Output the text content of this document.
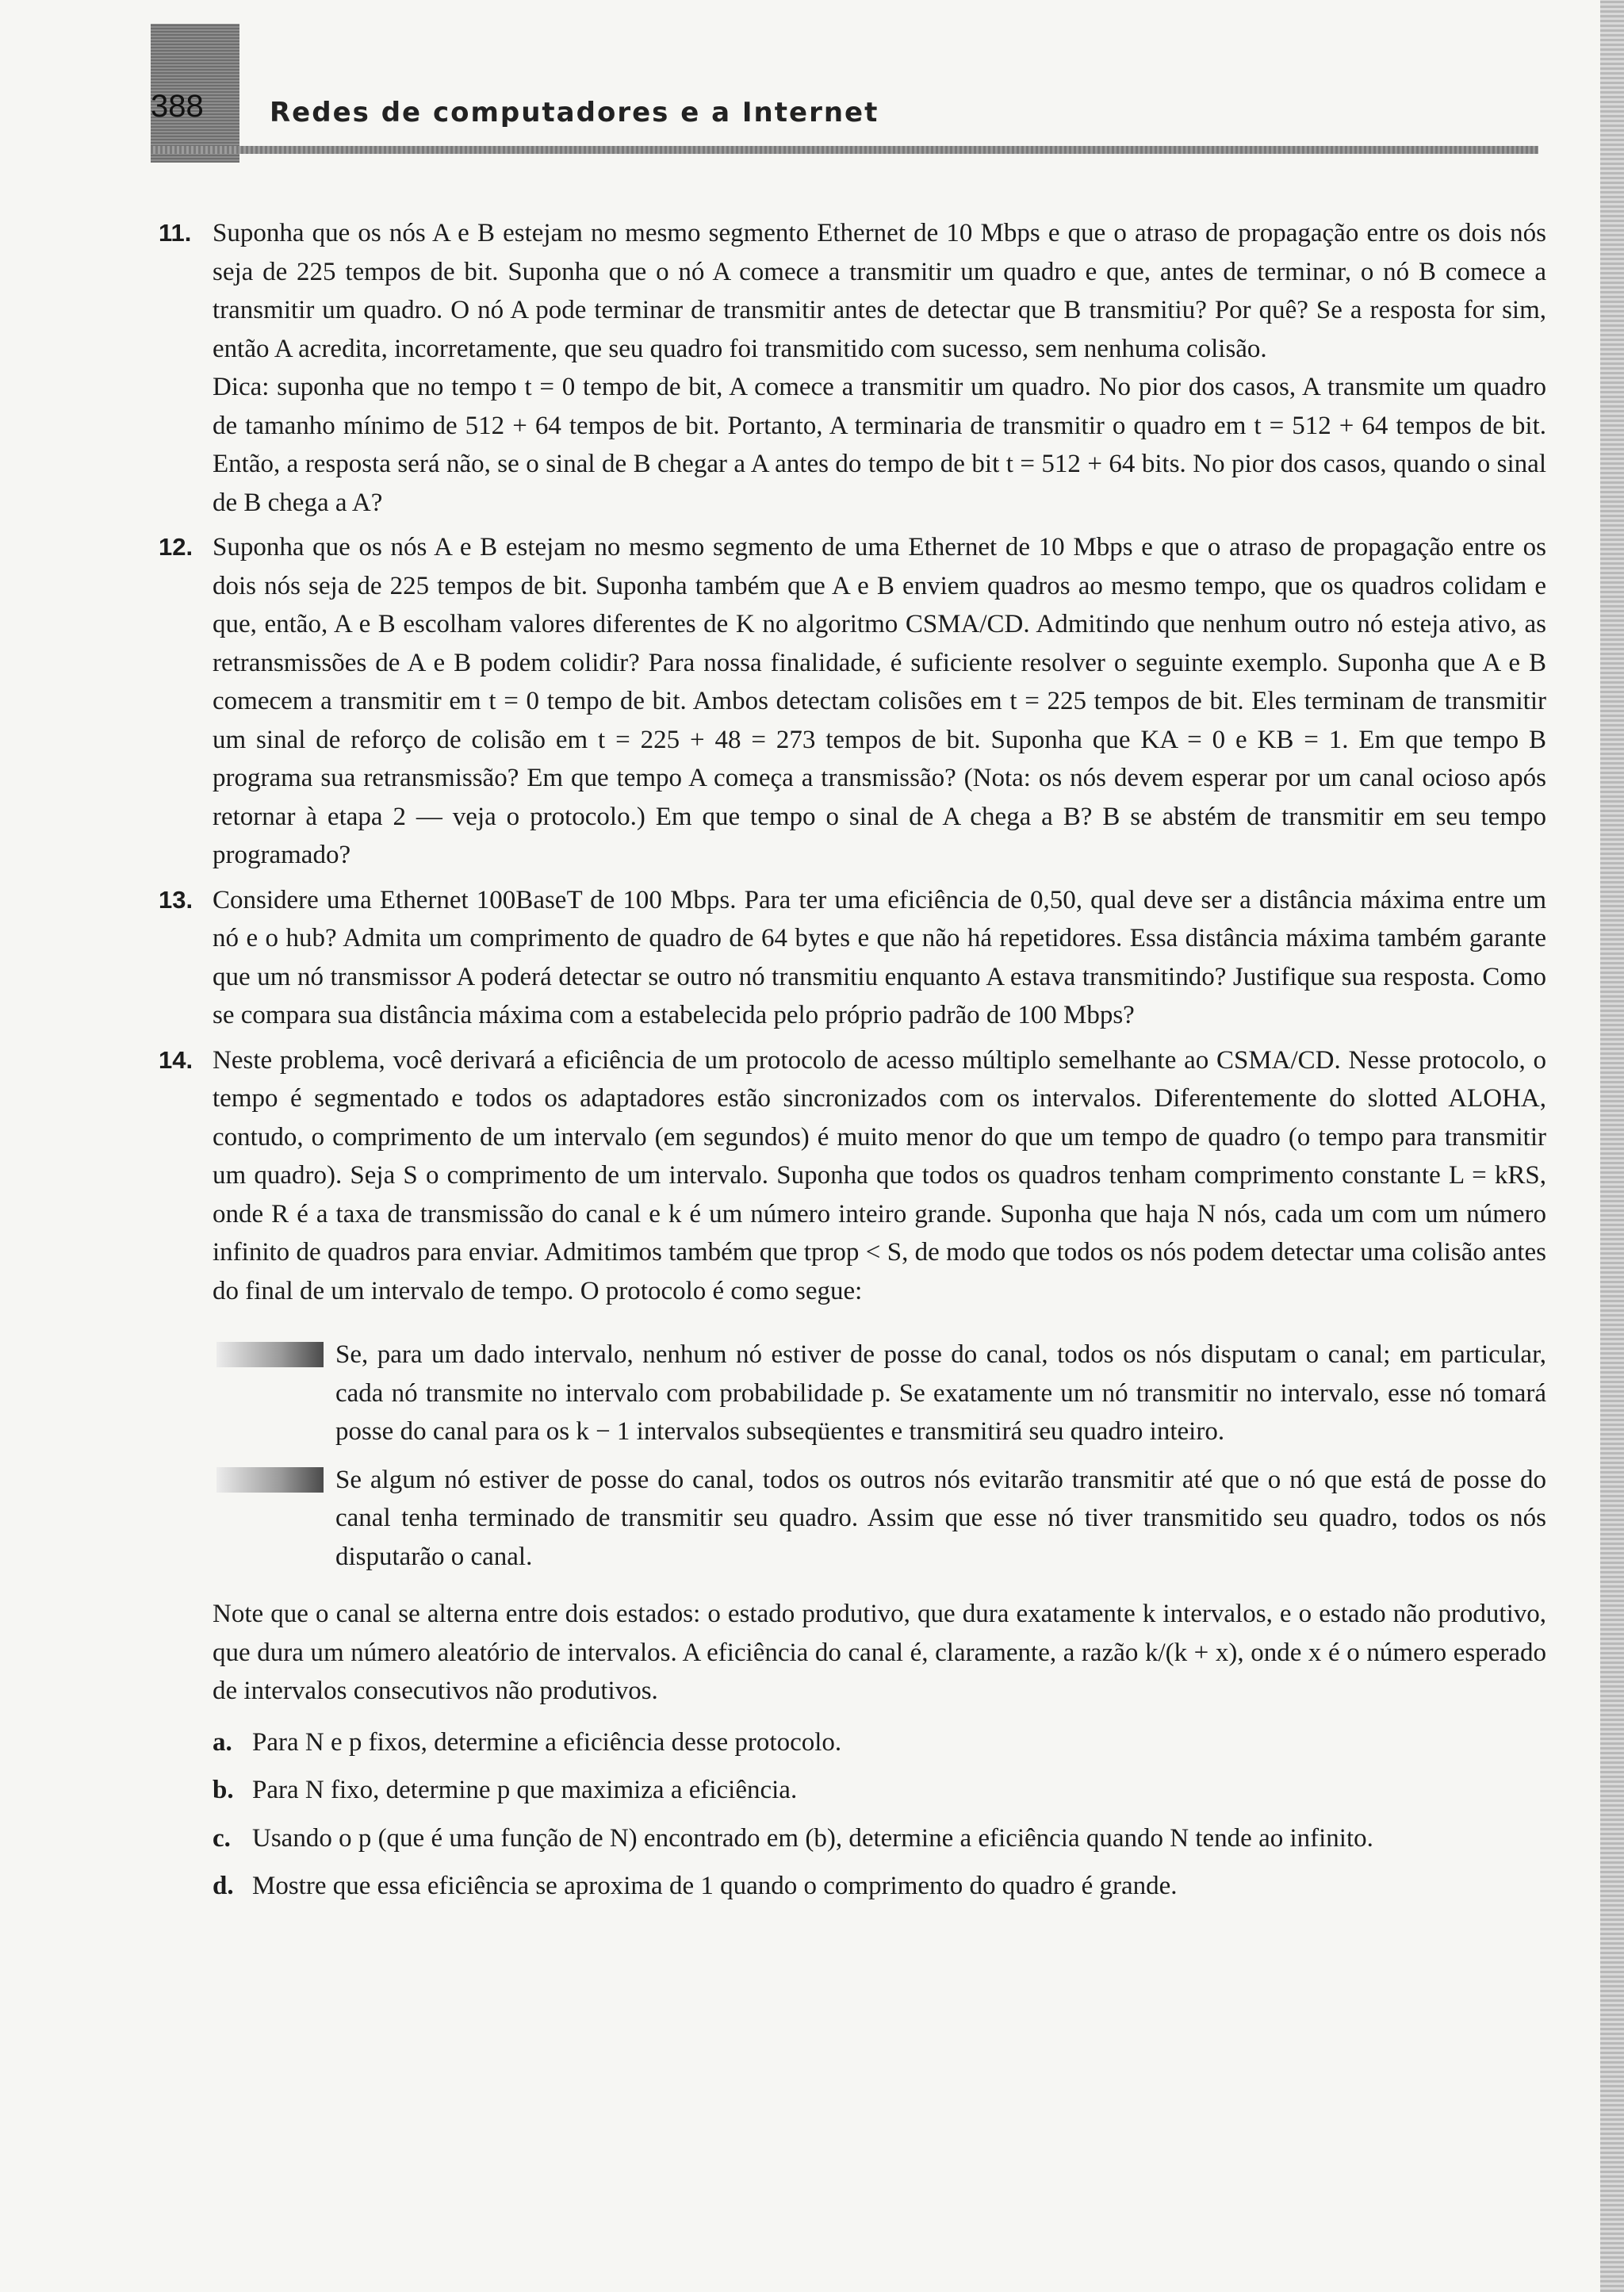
388 Redes de computadores e a Internet
11. Suponha que os nós A e B estejam no mesmo segmento Ethernet de 10 Mbps e que o atraso de propagação entre os dois nós seja de 225 tempos de bit. Suponha que o nó A comece a transmitir um quadro e que, antes de terminar, o nó B comece a transmitir um quadro. O nó A pode terminar de transmitir antes de detectar que B transmitiu? Por quê? Se a resposta for sim, então A acredita, incorretamente, que seu quadro foi transmitido com sucesso, sem nenhuma colisão.

Dica: suponha que no tempo t = 0 tempo de bit, A comece a transmitir um quadro. No pior dos casos, A transmite um quadro de tamanho mínimo de 512 + 64 tempos de bit. Portanto, A terminaria de transmitir o quadro em t = 512 + 64 tempos de bit. Então, a resposta será não, se o sinal de B chegar a A antes do tempo de bit t = 512 + 64 bits. No pior dos casos, quando o sinal de B chega a A?

12. Suponha que os nós A e B estejam no mesmo segmento de uma Ethernet de 10 Mbps e que o atraso de propagação entre os dois nós seja de 225 tempos de bit. Suponha também que A e B enviem quadros ao mesmo tempo, que os quadros colidam e que, então, A e B escolham valores diferentes de K no algoritmo CSMA/CD. Admitindo que nenhum outro nó esteja ativo, as retransmissões de A e B podem colidir? Para nossa finalidade, é suficiente resolver o seguinte exemplo. Suponha que A e B comecem a transmitir em t = 0 tempo de bit. Ambos detectam colisões em t = 225 tempos de bit. Eles terminam de transmitir um sinal de reforço de colisão em t = 225 + 48 = 273 tempos de bit. Suponha que KA = 0 e KB = 1. Em que tempo B programa sua retransmissão? Em que tempo A começa a transmissão? (Nota: os nós devem esperar por um canal ocioso após retornar à etapa 2 — veja o protocolo.) Em que tempo o sinal de A chega a B? B se abstém de transmitir em seu tempo programado?

13. Considere uma Ethernet 100BaseT de 100 Mbps. Para ter uma eficiência de 0,50, qual deve ser a distância máxima entre um nó e o hub? Admita um comprimento de quadro de 64 bytes e que não há repetidores. Essa distância máxima também garante que um nó transmissor A poderá detectar se outro nó transmitiu enquanto A estava transmitindo? Justifique sua resposta. Como se compara sua distância máxima com a estabelecida pelo próprio padrão de 100 Mbps?

14. Neste problema, você derivará a eficiência de um protocolo de acesso múltiplo semelhante ao CSMA/CD. Nesse protocolo, o tempo é segmentado e todos os adaptadores estão sincronizados com os intervalos. Diferentemente do slotted ALOHA, contudo, o comprimento de um intervalo (em segundos) é muito menor do que um tempo de quadro (o tempo para transmitir um quadro). Seja S o comprimento de um intervalo. Suponha que todos os quadros tenham comprimento constante L = kRS, onde R é a taxa de transmissão do canal e k é um número inteiro grande. Suponha que haja N nós, cada um com um número infinito de quadros para enviar. Admitimos também que tprop < S, de modo que todos os nós podem detectar uma colisão antes do final de um intervalo de tempo. O protocolo é como segue:

Se, para um dado intervalo, nenhum nó estiver de posse do canal, todos os nós disputam o canal; em particular, cada nó transmite no intervalo com probabilidade p. Se exatamente um nó transmitir no intervalo, esse nó tomará posse do canal para os k − 1 intervalos subseqüentes e transmitirá seu quadro inteiro.
Se algum nó estiver de posse do canal, todos os outros nós evitarão transmitir até que o nó que está de posse do canal tenha terminado de transmitir seu quadro. Assim que esse nó tiver transmitido seu quadro, todos os nós disputarão o canal.

Note que o canal se alterna entre dois estados: o estado produtivo, que dura exatamente k intervalos, e o estado não produtivo, que dura um número aleatório de intervalos. A eficiência do canal é, claramente, a razão k/(k + x), onde x é o número esperado de intervalos consecutivos não produtivos.

a. Para N e p fixos, determine a eficiência desse protocolo.
b. Para N fixo, determine p que maximiza a eficiência.
c. Usando o p (que é uma função de N) encontrado em (b), determine a eficiência quando N tende ao infinito.
d. Mostre que essa eficiência se aproxima de 1 quando o comprimento do quadro é grande.
